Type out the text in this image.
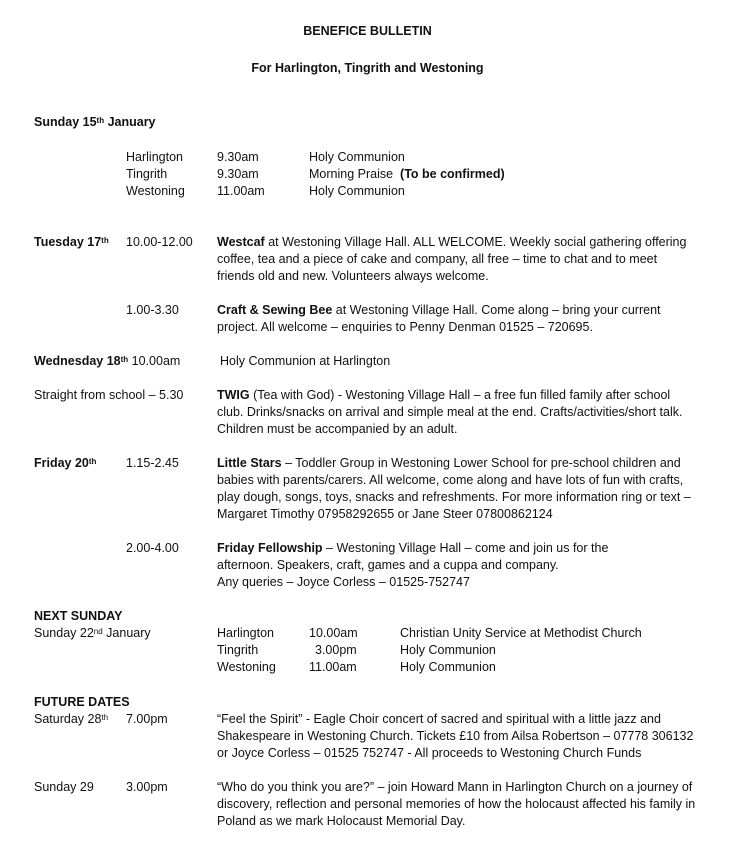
BENEFICE BULLETIN
For Harlington, Tingrith and Westoning
Sunday 15th January
Harlington	9.30am	Holy Communion
Tingrith	9.30am	Morning Praise (To be confirmed)
Westoning	11.00am	Holy Communion
Tuesday 17th 10.00-12.00 Westcaf at Westoning Village Hall. ALL WELCOME. Weekly social gathering offering coffee, tea and a piece of cake and company, all free – time to chat and to meet friends old and new. Volunteers always welcome.
1.00-3.30	Craft & Sewing Bee at Westoning Village Hall. Come along – bring your current project. All welcome – enquiries to Penny Denman 01525 – 720695.
Wednesday 18th 10.00am	Holy Communion at Harlington
Straight from school – 5.30	TWIG (Tea with God) - Westoning Village Hall – a free fun filled family after school club. Drinks/snacks on arrival and simple meal at the end. Crafts/activities/short talk. Children must be accompanied by an adult.
Friday 20th 1.15-2.45	Little Stars – Toddler Group in Westoning Lower School for pre-school children and babies with parents/carers. All welcome, come along and have lots of fun with crafts, play dough, songs, toys, snacks and refreshments. For more information ring or text – Margaret Timothy 07958292655 or Jane Steer 07800862124
2.00-4.00	Friday Fellowship – Westoning Village Hall – come and join us for the
afternoon. Speakers, craft, games and a cuppa and company.
Any queries – Joyce Corless – 01525-752747
NEXT SUNDAY
Sunday 22nd January	Harlington	10.00am	Christian Unity Service at Methodist Church
Tingrith	3.00pm	Holy Communion
Westoning	11.00am	Holy Communion
FUTURE DATES
Saturday 28th 7.00pm	“Feel the Spirit” - Eagle Choir concert of sacred and spiritual with a little jazz and Shakespeare in Westoning Church. Tickets £10 from Ailsa Robertson – 07778 306132 or Joyce Corless – 01525 752747 - All proceeds to Westoning Church Funds
Sunday 29	3.00pm	“Who do you think you are?” – join Howard Mann in Harlington Church on a journey of discovery, reflection and personal memories of how the holocaust affected his family in Poland as we mark Holocaust Memorial Day.
